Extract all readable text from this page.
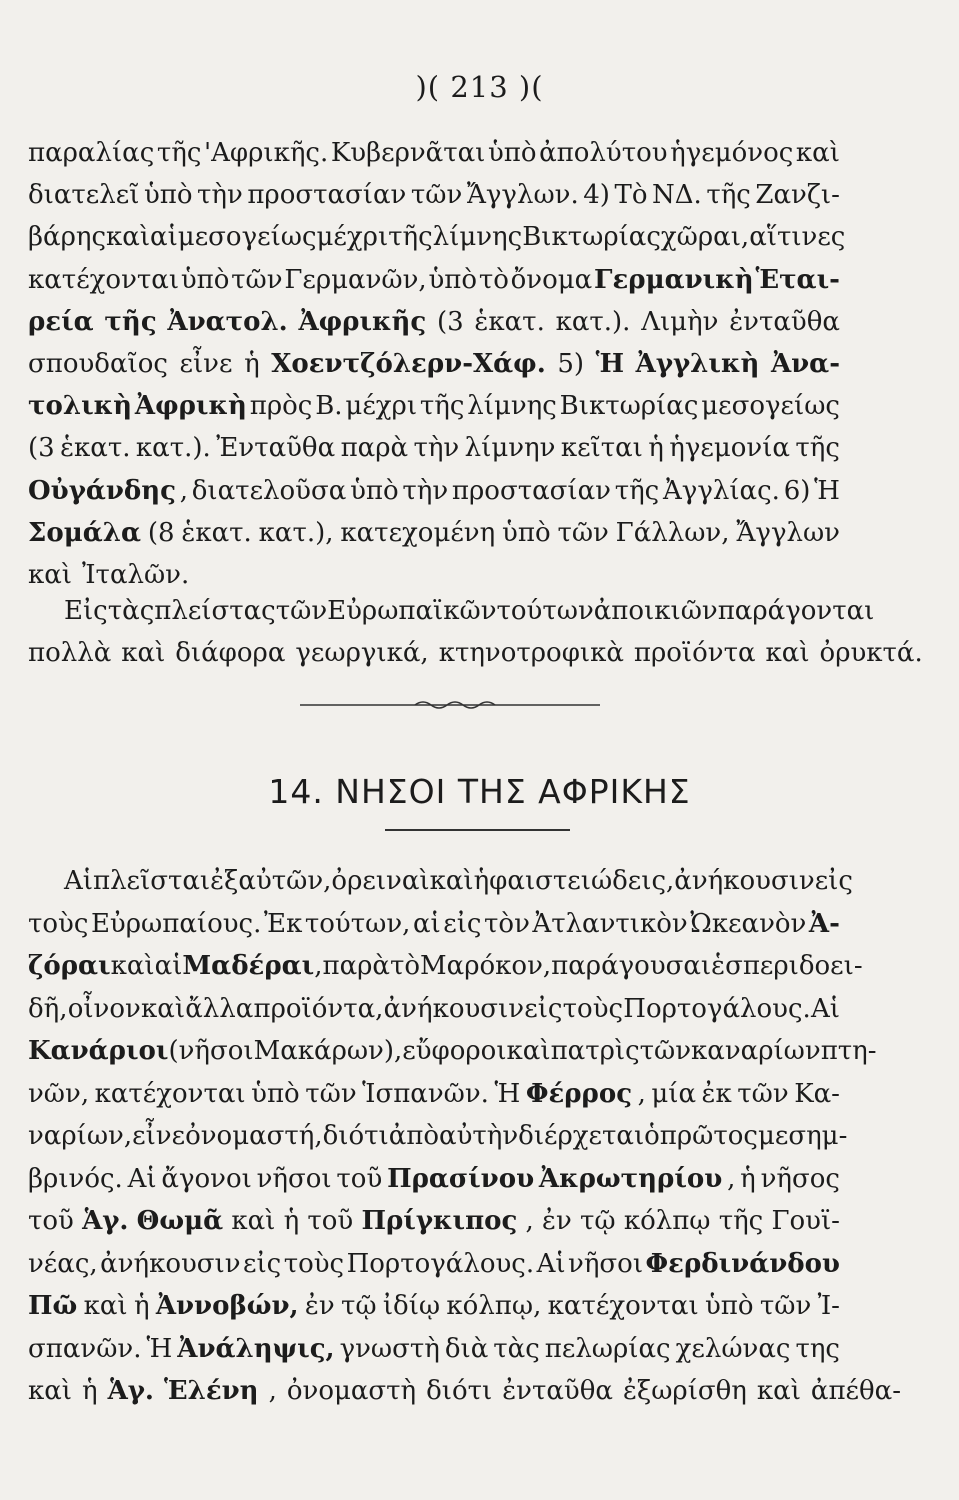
)( 213 )(
παραλίας τῆς 'Αφρικῆς. Κυβερνᾶται ὑπὸ ἀπολύτου ἡγεμόνος καὶ
διατελεῖ ὑπὸ τὴν προστασίαν τῶν Ἄγγλων. 4) Τὸ ΝΔ. τῆς Ζανζι-
βάρης καὶ αἱ μεσογείως μέχρι τῆς λίμνης Βικτωρίας χῶραι, αἵτινες
κατέχονται ὑπὸ τῶν Γερμανῶν, ὑπὸ τὸ ὄνομα Γερμανικὴ Ἑται-
ρεία τῆς Ἀνατολ. Ἀφρικῆς (3 ἑκατ. κατ.). Λιμὴν ἐνταῦθα
σπουδαῖος εἶνε ἡ Χοεντζόλερν-Χάφ. 5) Ἡ Ἀγγλικὴ Ἀνα-
τολικὴ Ἀφρικὴ πρὸς Β. μέχρι τῆς λίμνης Βικτωρίας μεσογείως
(3 ἑκατ. κατ.). Ἐνταῦθα παρὰ τὴν λίμνην κεῖται ἡ ἡγεμονία τῆς
Οὐγάνδης , διατελοῦσα ὑπὸ τὴν προστασίαν τῆς Ἀγγλίας. 6) Ἡ
Σομάλα (8 ἑκατ. κατ.), κατεχομένη ὑπὸ τῶν Γάλλων, Ἄγγλων
καὶ Ἰταλῶν.
Εἰς τὰς πλείστας τῶν Εὐρωπαϊκῶν τούτων ἀποικιῶν παράγονται
πολλὰ καὶ διάφορα γεωργικά, κτηνοτροφικὰ προϊόντα καὶ ὀρυκτά.
14. ΝΗΣΟΙ ΤΗΣ ΑΦΡΙΚΗΣ
Αἱ πλεῖσται ἐξ αὐτῶν, ὀρειναὶ καὶ ἡφαιστειώδεις, ἀνήκουσιν εἰς
τοὺς Εὐρωπαίους. Ἐκ τούτων, αἱ εἰς τὸν Ἀτλαντικὸν Ὠκεανὸν Ἀ-
ζόραι καὶ αἱ Μαδέραι , παρὰ τὸ Μαρόκον, παράγουσαι ἑσπεριδοει-
δῆ, οἶνον καὶ ἄλλα προϊόντα, ἀνήκουσιν εἰς τοὺς Πορτογάλους. Αἱ
Κανάριοι (νῆσοι Μακάρων), εὔφοροι καὶ πατρὶς τῶν καναρίων πτη-
νῶν, κατέχονται ὑπὸ τῶν Ἱσπανῶν. Ἡ Φέρρος , μία ἐκ τῶν Κα-
ναρίων, εἶνε ὀνομαστή, διότι ἀπὸ αὐτὴν διέρχεται ὁ πρῶτος μεσημ-
βρινός. Αἱ ἄγονοι νῆσοι τοῦ Πρασίνου Ἀκρωτηρίου , ἡ νῆσος
τοῦ Ἁγ. Θωμᾶ καὶ ἡ τοῦ Πρίγκιπος , ἐν τῷ κόλπῳ τῆς Γουϊ-
νέας, ἀνήκουσιν εἰς τοὺς Πορτογάλους. Αἱ νῆσοι Φερδινάνδου
Πῶ καὶ ἡ Ἀννοβών, ἐν τῷ ἰδίῳ κόλπῳ, κατέχονται ὑπὸ τῶν Ἰ-
σπανῶν. Ἡ Ἀνάληψις, γνωστὴ διὰ τὰς πελωρίας χελώνας της
καὶ ἡ Ἁγ. Ἑλένη , ὀνομαστὴ διότι ἐνταῦθα ἐξωρίσθη καὶ ἀπέθα-
